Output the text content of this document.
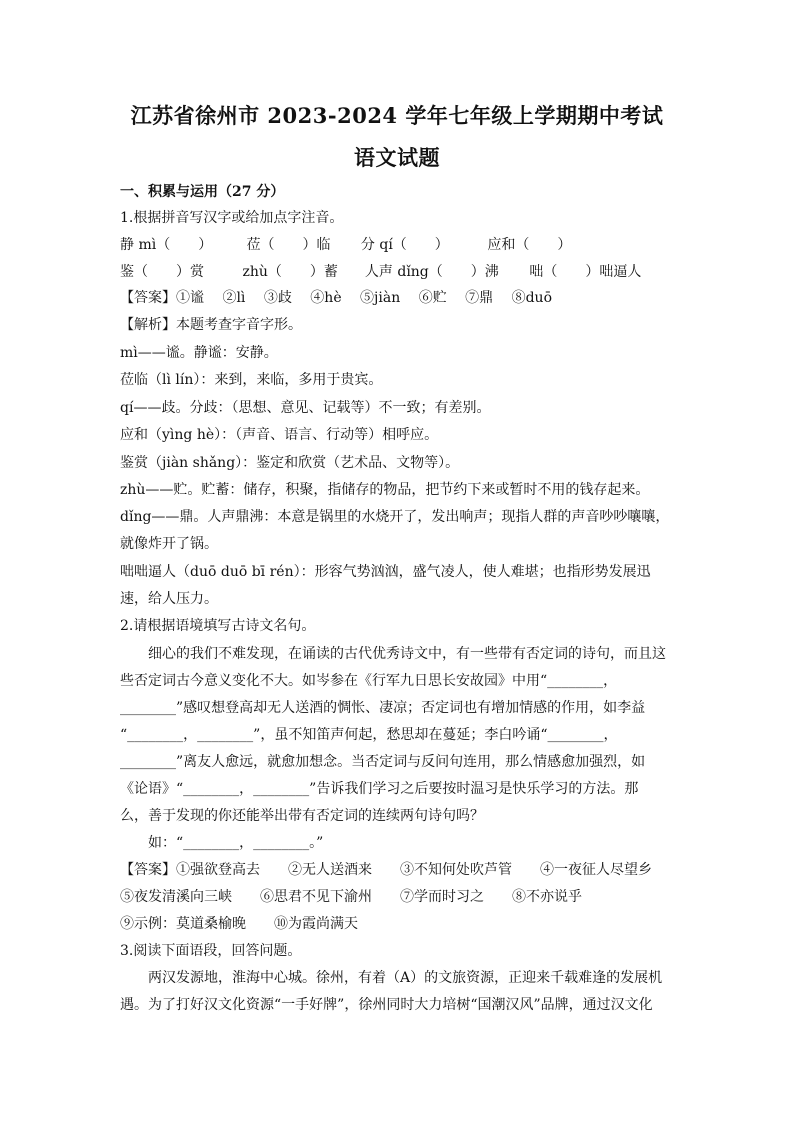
江苏省徐州市 2023-2024 学年七年级上学期期中考试
语文试题
一、积累与运用（27 分）
1.根据拼音写汉字或给加点字注音。
静 mì（　　） 莅（　　）临 分 qí（　　）	应和（　　）
鉴（　　）赏	zhù（　　）蓄 人声 dǐng（　　）沸 咄（　　）咄逼人
【答案】①谧　 ②lì　 ③歧　 ④hè　 ⑤jiàn　 ⑥贮　 ⑦鼎　 ⑧duō
【解析】本题考查字音字形。
mì——谧。静谧：安静。
莅临（lì lín）：来到，来临，多用于贵宾。
qí——歧。分歧：（思想、意见、记载等）不一致；有差别。
应和（yìng hè）：（声音、语言、行动等）相呼应。
鉴赏（jiàn shǎng）：鉴定和欣赏（艺术品、文物等）。
zhù——贮。贮蓄：储存，积聚，指储存的物品，把节约下来或暂时不用的钱存起来。
dǐng——鼎。人声鼎沸：本意是锅里的水烧开了，发出响声；现指人群的声音吵吵嚷嚷，
就像炸开了锅。
咄咄逼人（duō duō bī rén）：形容气势汹汹，盛气凌人，使人难堪；也指形势发展迅
速，给人压力。
2.请根据语境填写古诗文名句。
细心的我们不难发现，在诵读的古代优秀诗文中，有一些带有否定词的诗句，而且这
些否定词古今意义变化不大。如岑参在《行军九日思长安故园》中用“________，
________”感叹想登高却无人送酒的惆怅、凄凉；否定词也有增加情感的作用，如李益
“________，________”，虽不知笛声何起，愁思却在蔓延；李白吟诵“________，
________”离友人愈远，就愈加想念。当否定词与反问句连用，那么情感愈加强烈，如
《论语》“________，________”告诉我们学习之后要按时温习是快乐学习的方法。那
么，善于发现的你还能举出带有否定词的连续两句诗句吗？
如：“________，________。”
【答案】①强欲登高去　　②无人送酒来　　③不知何处吹芦管　　④一夜征人尽望乡
⑤夜发清溪向三峡　　⑥思君不见下渝州　　⑦学而时习之　　⑧不亦说乎
⑨示例：莫道桑榆晚　　⑩为霞尚满天
3.阅读下面语段，回答问题。
两汉发源地，淮海中心城。徐州，有着（A）的文旅资源，正迎来千载难逢的发展机
遇。为了打好汉文化资源“一手好牌”，徐州同时大力培树“国潮汉风”品牌，通过汉文化
